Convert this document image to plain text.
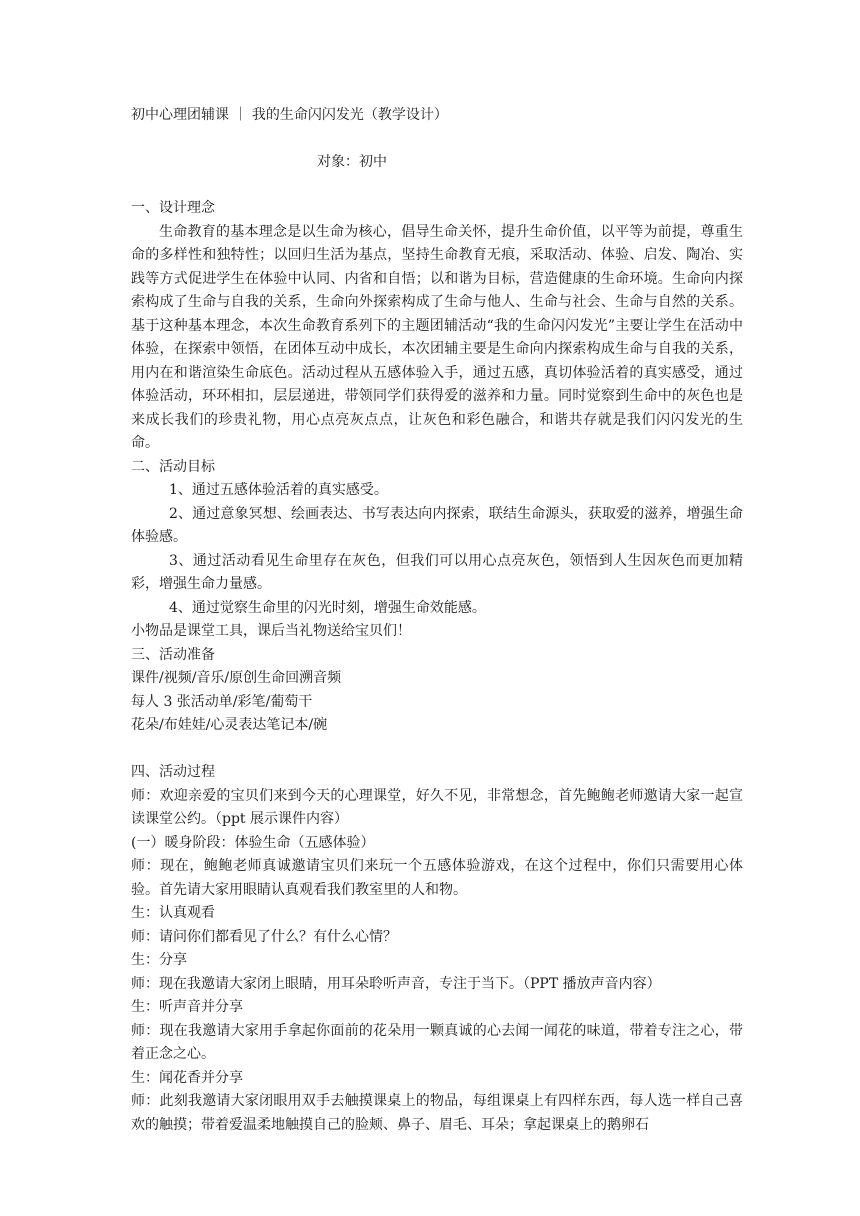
初中心理团辅课 ｜ 我的生命闪闪发光（教学设计）

对象：初中

一、设计理念

生命教育的基本理念是以生命为核心，倡导生命关怀，提升生命价值，以平等为前提，尊重生命的多样性和独特性；以回归生活为基点，坚持生命教育无痕，采取活动、体验、启发、陶冶、实践等方式促进学生在体验中认同、内省和自悟；以和谐为目标，营造健康的生命环境。生命向内探索构成了生命与自我的关系，生命向外探索构成了生命与他人、生命与社会、生命与自然的关系。基于这种基本理念，本次生命教育系列下的主题团辅活动“我的生命闪闪发光”主要让学生在活动中体验，在探索中领悟，在团体互动中成长，本次团辅主要是生命向内探索构成生命与自我的关系，用内在和谐渲染生命底色。活动过程从五感体验入手，通过五感，真切体验活着的真实感受，通过体验活动，环环相扣，层层递进，带领同学们获得爱的滋养和力量。同时觉察到生命中的灰色也是来成长我们的珍贵礼物，用心点亮灰点点，让灰色和彩色融合，和谐共存就是我们闪闪发光的生命。

二、活动目标

1、通过五感体验活着的真实感受。

2、通过意象冥想、绘画表达、书写表达向内探索，联结生命源头，获取爱的滋养，增强生命体验感。

3、通过活动看见生命里存在灰色，但我们可以用心点亮灰色，领悟到人生因灰色而更加精彩，增强生命力量感。

4、通过觉察生命里的闪光时刻，增强生命效能感。

小物品是课堂工具，课后当礼物送给宝贝们！

三、活动准备

课件/视频/音乐/原创生命回溯音频

每人 3 张活动单/彩笔/葡萄干

花朵/布娃娃/心灵表达笔记本/碗

四、活动过程

师：欢迎亲爱的宝贝们来到今天的心理课堂，好久不见，非常想念，首先鲍鲍老师邀请大家一起宣读课堂公约。（ppt 展示课件内容）

(一）暖身阶段：体验生命（五感体验）

师：现在，鲍鲍老师真诚邀请宝贝们来玩一个五感体验游戏，在这个过程中，你们只需要用心体验。首先请大家用眼睛认真观看我们教室里的人和物。

生：认真观看

师：请问你们都看见了什么？有什么心情？

生：分享

师：现在我邀请大家闭上眼睛，用耳朵聆听声音，专注于当下。（PPT 播放声音内容）

生：听声音并分享

师：现在我邀请大家用手拿起你面前的花朵用一颗真诚的心去闻一闻花的味道，带着专注之心，带着正念之心。

生：闻花香并分享

师：此刻我邀请大家闭眼用双手去触摸课桌上的物品，每组课桌上有四样东西，每人选一样自己喜欢的触摸；带着爱温柔地触摸自己的脸颊、鼻子、眉毛、耳朵；拿起课桌上的鹅卵石
